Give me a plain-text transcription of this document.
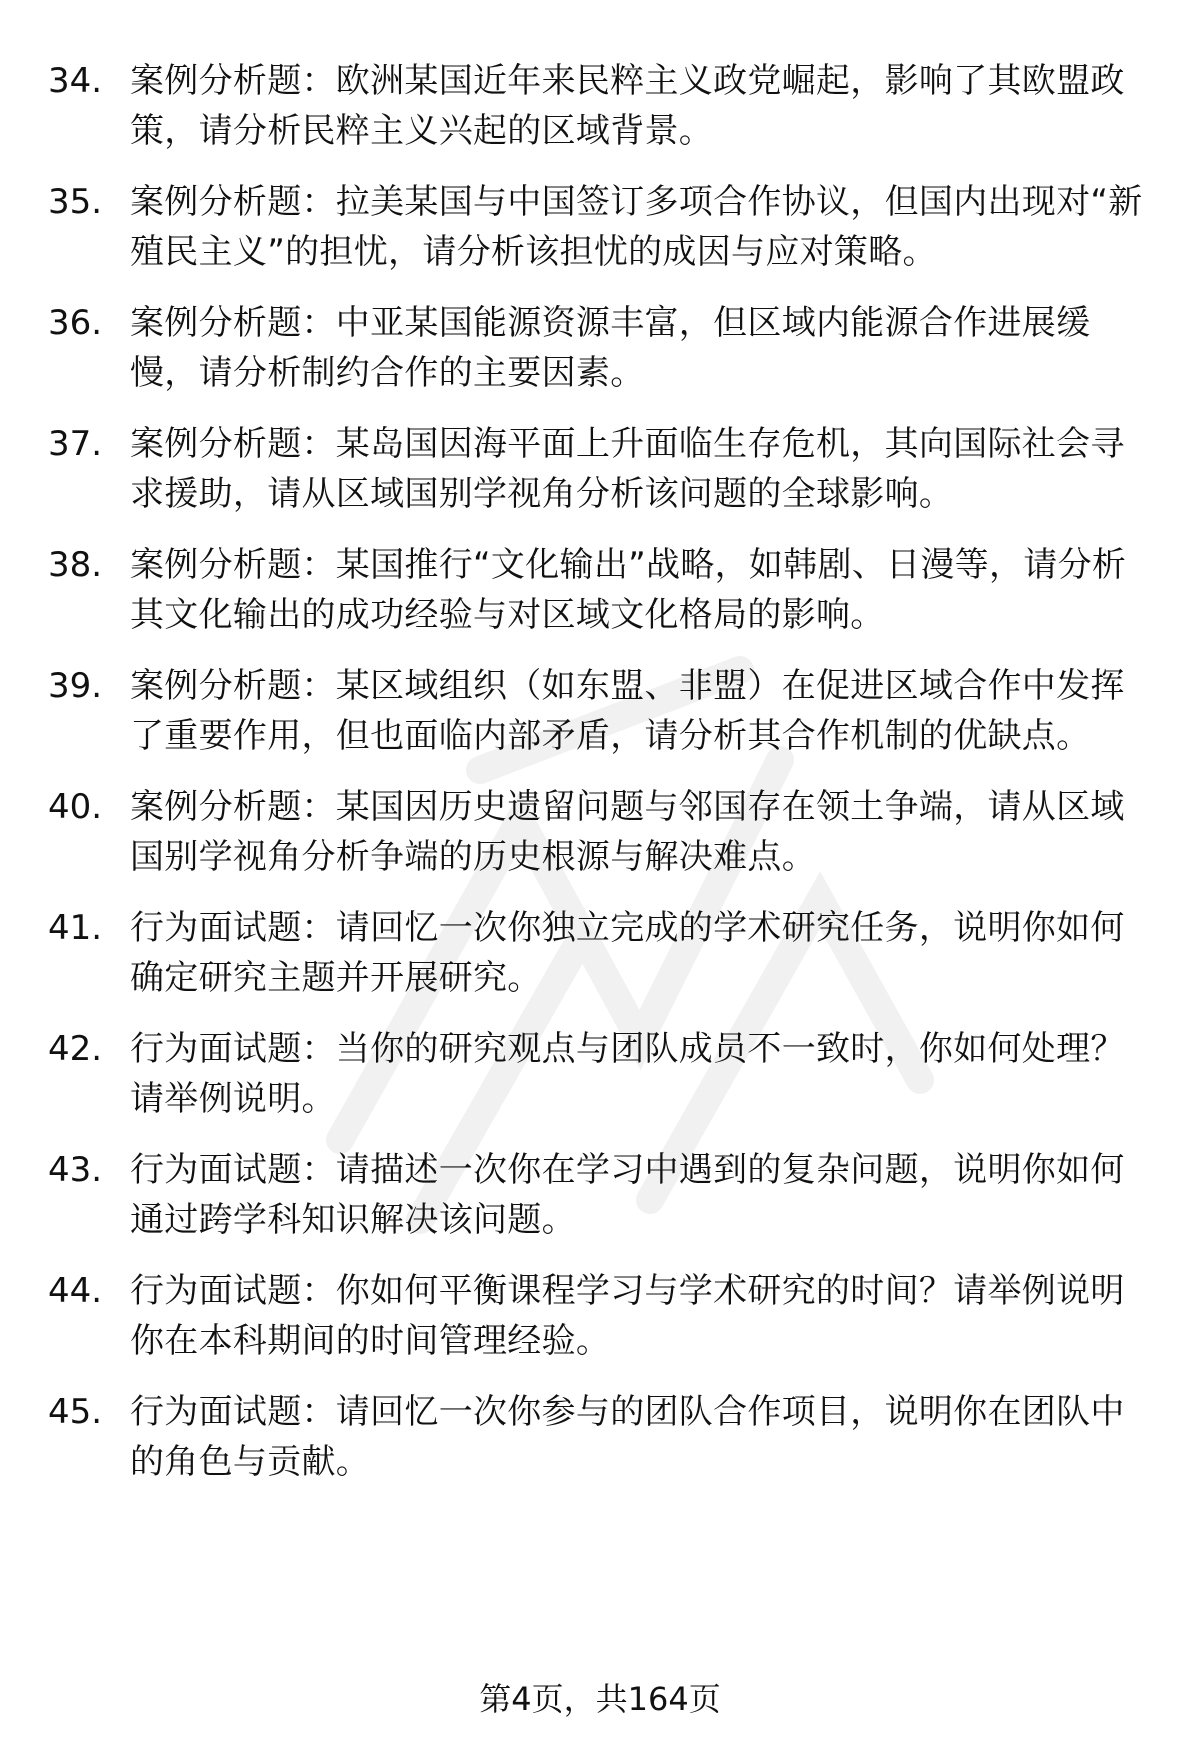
34. 案例分析题：欧洲某国近年来民粹主义政党崛起，影响了其欧盟政策，请分析民粹主义兴起的区域背景。
35. 案例分析题：拉美某国与中国签订多项合作协议，但国内出现对“新殖民主义”的担忧，请分析该担忧的成因与应对策略。
36. 案例分析题：中亚某国能源资源丰富，但区域内能源合作进展缓慢，请分析制约合作的主要因素。
37. 案例分析题：某岛国因海平面上升面临生存危机，其向国际社会寻求援助，请从区域国别学视角分析该问题的全球影响。
38. 案例分析题：某国推行“文化输出”战略，如韩剧、日漫等，请分析其文化输出的成功经验与对区域文化格局的影响。
39. 案例分析题：某区域组织（如东盟、非盟）在促进区域合作中发挥了重要作用，但也面临内部矛盾，请分析其合作机制的优缺点。
40. 案例分析题：某国因历史遗留问题与邻国存在领土争端，请从区域国别学视角分析争端的历史根源与解决难点。
41. 行为面试题：请回忆一次你独立完成的学术研究任务，说明你如何确定研究主题并开展研究。
42. 行为面试题：当你的研究观点与团队成员不一致时，你如何处理？请举例说明。
43. 行为面试题：请描述一次你在学习中遇到的复杂问题，说明你如何通过跨学科知识解决该问题。
44. 行为面试题：你如何平衡课程学习与学术研究的时间？请举例说明你在本科期间的时间管理经验。
45. 行为面试题：请回忆一次你参与的团队合作项目，说明你在团队中的角色与贡献。
第4页，共164页
